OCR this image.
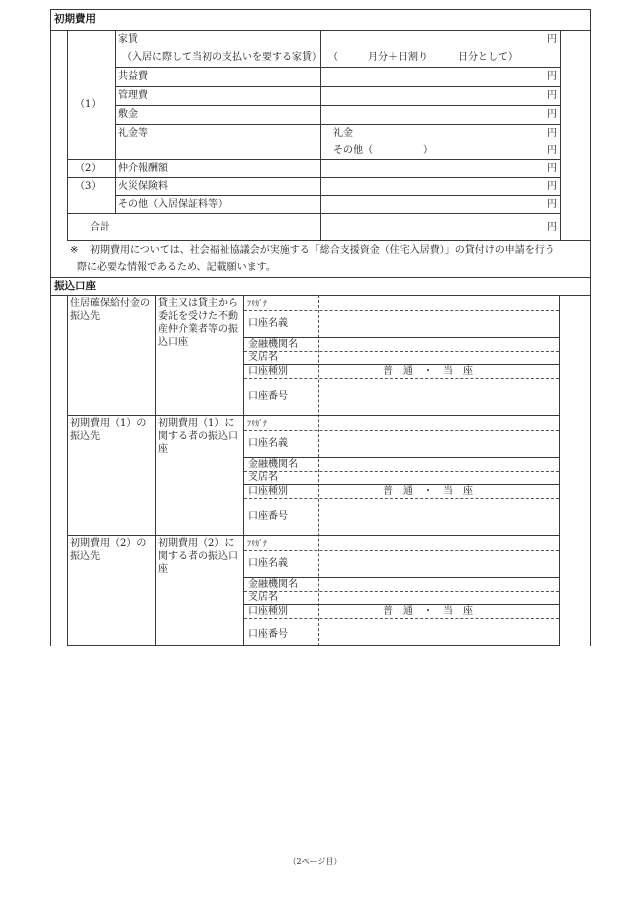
初期費用
家賃	円
（入居に際して当初の支払いを要する家賃） （　　　月分＋日割り　　　日分として）
（1）
共益費	円
管理費	円
敷金	円
礼金等	礼金	円
その他（　　　　　）	円
（2） 仲介報酬額	円
（3） 火災保険料	円
その他（入居保証料等）	円
合計	円
※ 初期費用については、社会福祉協議会が実施する「総合支援資金（住宅入居費）」の貸付けの申請を行う
際に必要な情報であるため、記載願います。
振込口座
住居確保給付金の振込先
貸主又は貸主から委託を受けた不動産仲介業者等の振込口座
ﾌﾘｶﾞﾅ
口座名義
金融機関名
支店名
口座種別	普　通　・　当　座
口座番号
初期費用（1）の振込先
初期費用（1）に関する者の振込口座
ﾌﾘｶﾞﾅ
口座名義
金融機関名
支店名
口座種別	普　通　・　当　座
口座番号
初期費用（2）の振込先
初期費用（2）に関する者の振込口座
ﾌﾘｶﾞﾅ
口座名義
金融機関名
支店名
口座種別	普　通　・　当　座
口座番号
（2ページ目）
